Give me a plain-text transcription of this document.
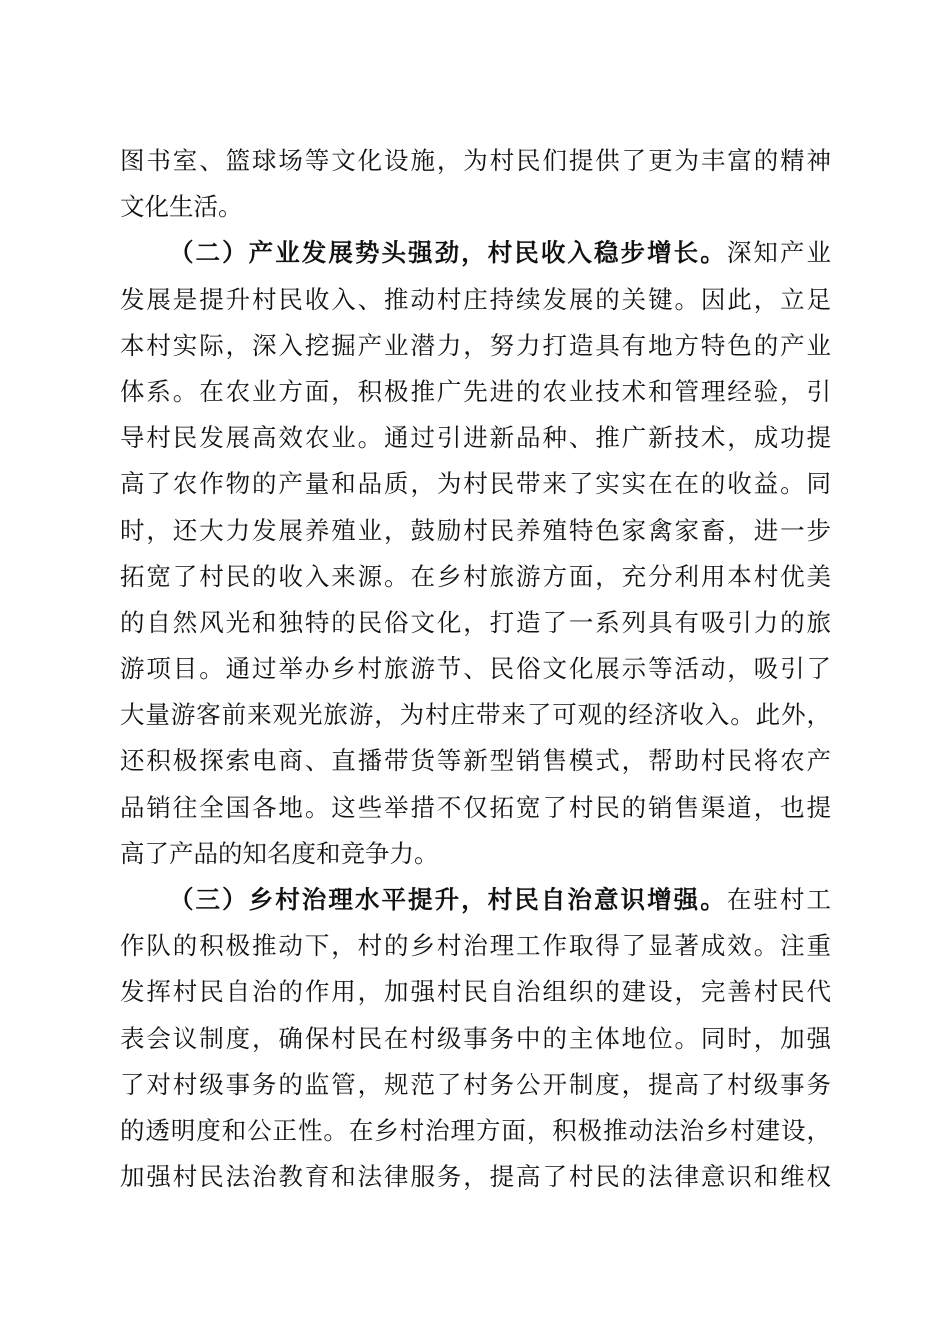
图书室、篮球场等文化设施，为村民们提供了更为丰富的精神
文化生活。
（二）产业发展势头强劲，村民收入稳步增长。深知产业
发展是提升村民收入、推动村庄持续发展的关键。因此，立足
本村实际，深入挖掘产业潜力，努力打造具有地方特色的产业
体系。在农业方面，积极推广先进的农业技术和管理经验，引
导村民发展高效农业。通过引进新品种、推广新技术，成功提
高了农作物的产量和品质，为村民带来了实实在在的收益。同
时，还大力发展养殖业，鼓励村民养殖特色家禽家畜，进一步
拓宽了村民的收入来源。在乡村旅游方面，充分利用本村优美
的自然风光和独特的民俗文化，打造了一系列具有吸引力的旅
游项目。通过举办乡村旅游节、民俗文化展示等活动，吸引了
大量游客前来观光旅游，为村庄带来了可观的经济收入。此外，
还积极探索电商、直播带货等新型销售模式，帮助村民将农产
品销往全国各地。这些举措不仅拓宽了村民的销售渠道，也提
高了产品的知名度和竞争力。
（三）乡村治理水平提升，村民自治意识增强。在驻村工
作队的积极推动下，村的乡村治理工作取得了显著成效。注重
发挥村民自治的作用，加强村民自治组织的建设，完善村民代
表会议制度，确保村民在村级事务中的主体地位。同时，加强
了对村级事务的监管，规范了村务公开制度，提高了村级事务
的透明度和公正性。在乡村治理方面，积极推动法治乡村建设，
加强村民法治教育和法律服务，提高了村民的法律意识和维权
